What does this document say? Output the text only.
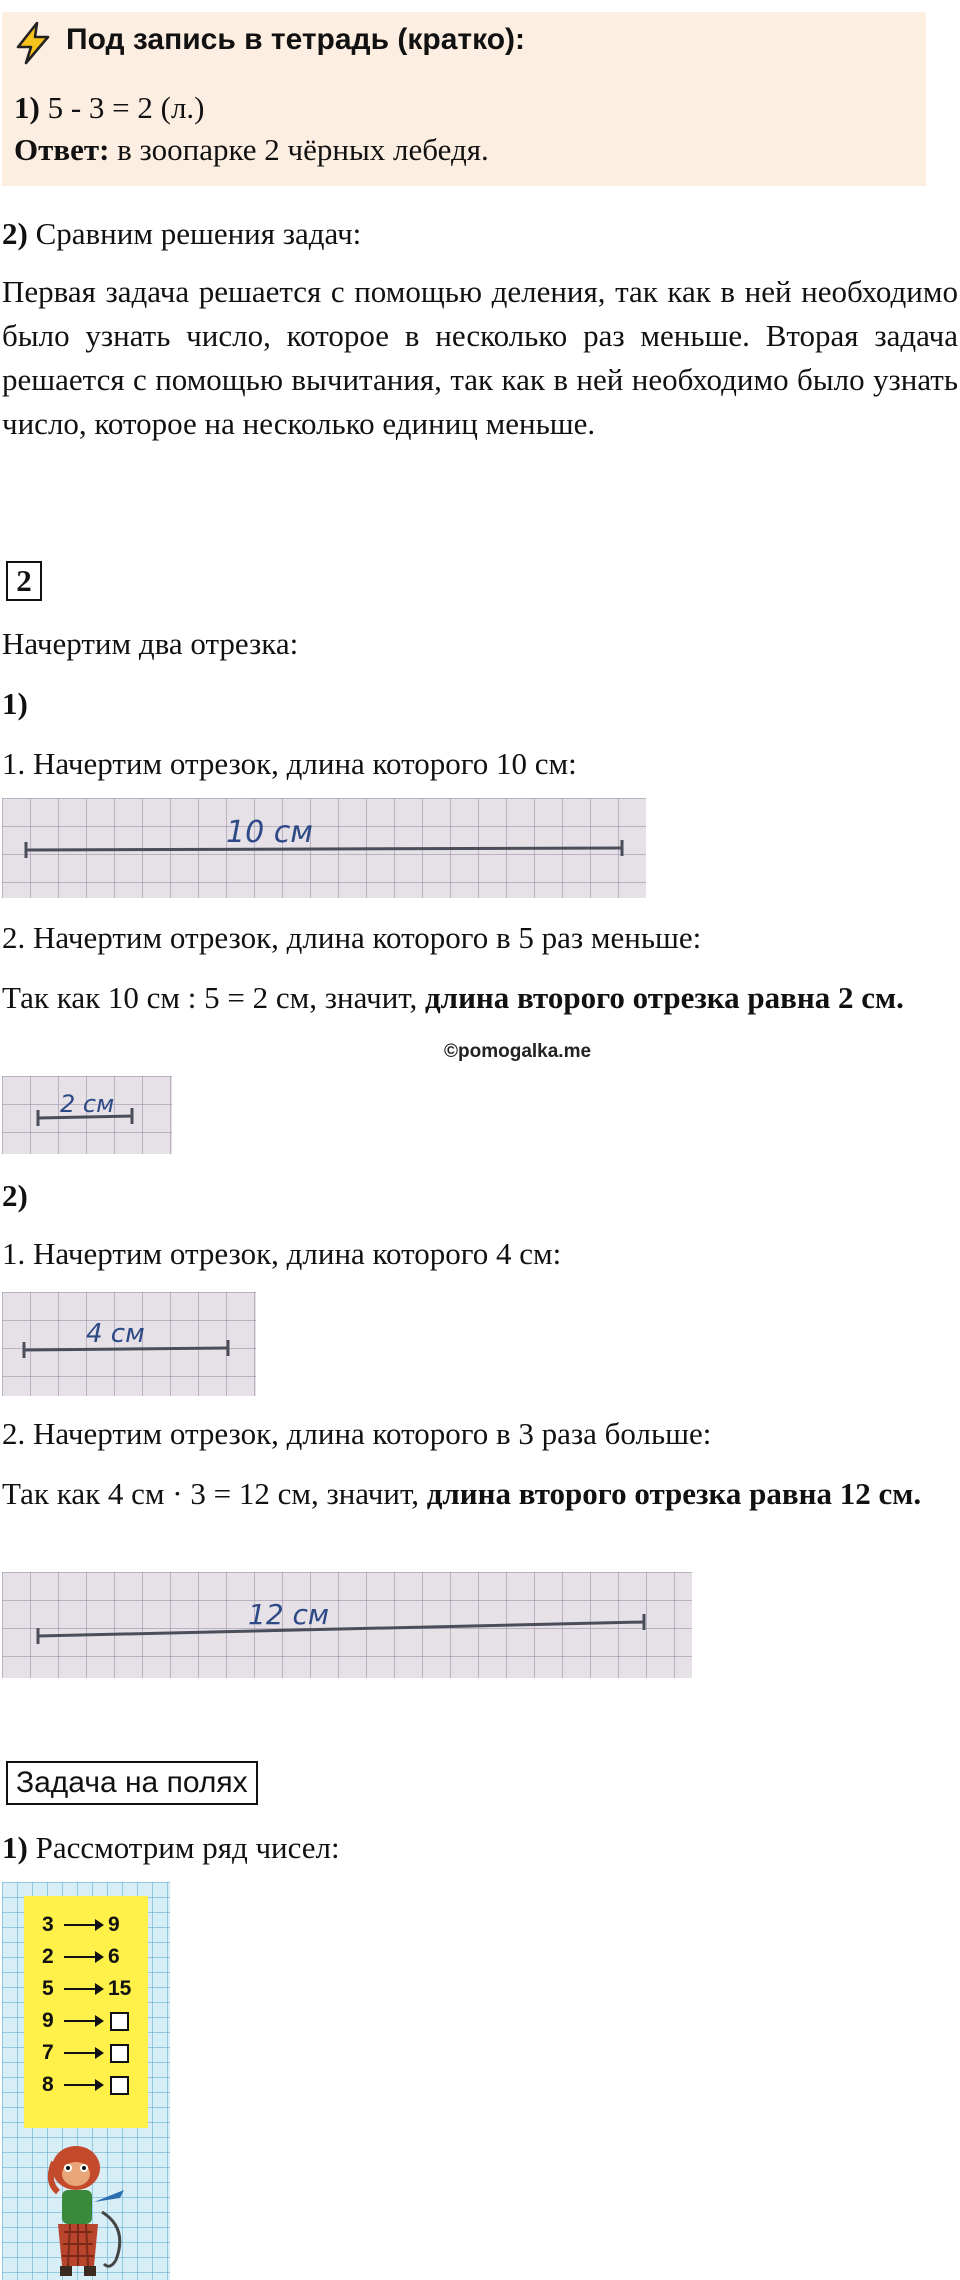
Под запись в тетрадь (кратко):
1) 5 - 3 = 2 (л.)
Ответ: в зоопарке 2 чёрных лебедя.
2) Сравним решения задач:
Первая задача решается с помощью деления, так как в ней необходимо было узнать число, которое в несколько раз меньше. Вторая задача решается с помощью вычитания, так как в ней необходимо было узнать число, которое на несколько единиц меньше.
2
Начертим два отрезка:
1)
1. Начертим отрезок, длина которого 10 см:
10 см
2. Начертим отрезок, длина которого в 5 раз меньше:
Так как 10 см : 5 = 2 см, значит, длина второго отрезка равна 2 см.
©pomogalka.me
2 см
2)
1. Начертим отрезок, длина которого 4 см:
4 см
2. Начертим отрезок, длина которого в 3 раза больше:
Так как 4 см · 3 = 12 см, значит, длина второго отрезка равна 12 см.
12 см
Задача на полях
1) Рассмотрим ряд чисел:
3	9
2	6
5	15
9
7
8
